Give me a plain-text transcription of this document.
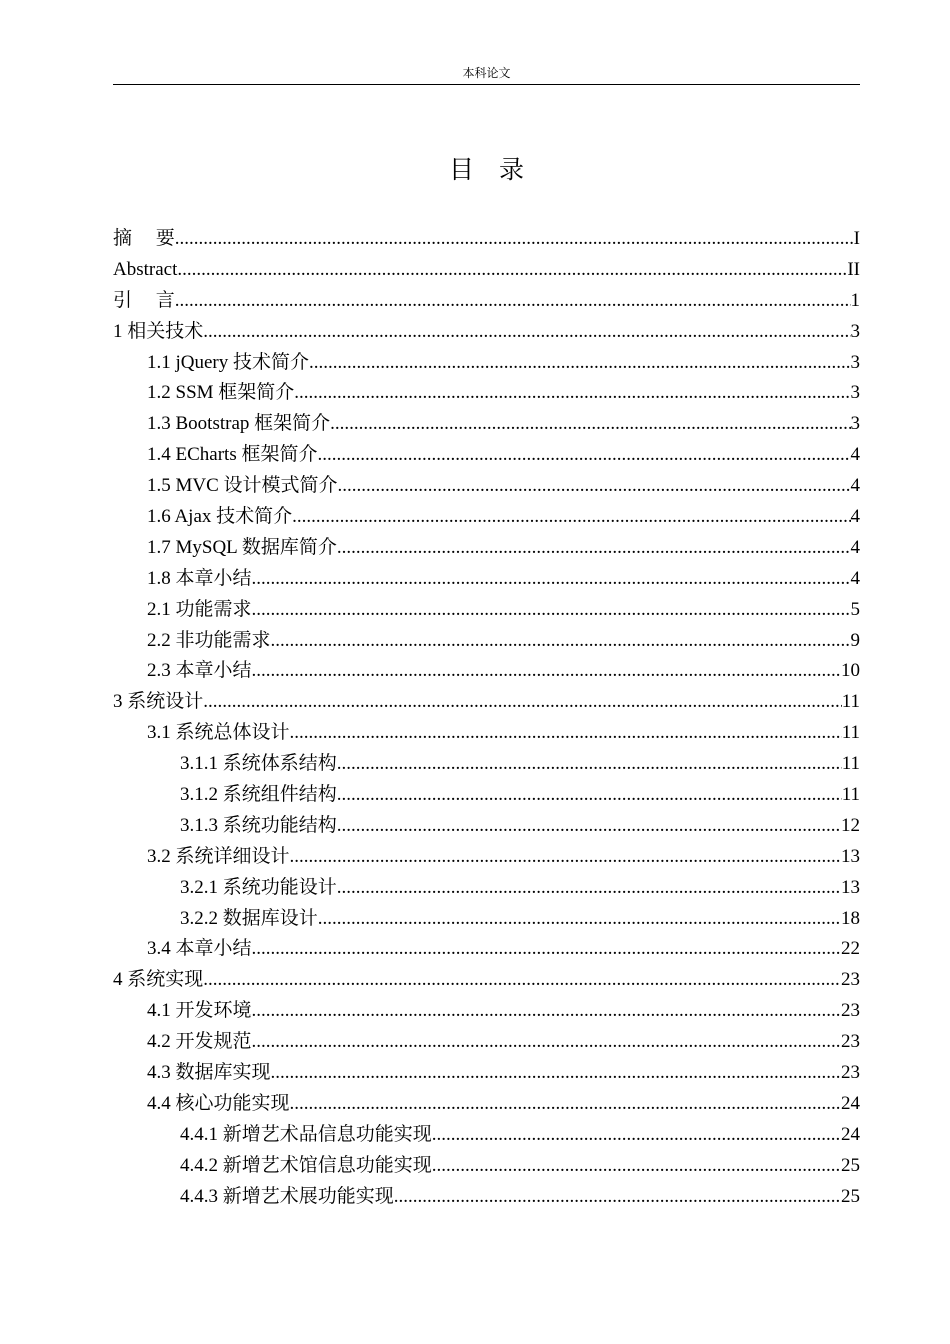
本科论文
目　录
摘　 要 .....	I
Abstract .....	II
引　 言 .....	1
1 相关技术 .....	3
1.1 jQuery 技术简介 .....	3
1.2 SSM 框架简介 .....	3
1.3 Bootstrap 框架简介 .....	3
1.4 ECharts 框架简介 .....	4
1.5 MVC 设计模式简介 .....	4
1.6 Ajax 技术简介 .....	4
1.7 MySQL 数据库简介 .....	4
1.8 本章小结 .....	4
2.1 功能需求 .....	5
2.2 非功能需求 .....	9
2.3 本章小结 .....	10
3 系统设计 .....	11
3.1 系统总体设计 .....	11
3.1.1 系统体系结构 .....	11
3.1.2 系统组件结构 .....	11
3.1.3 系统功能结构 .....	12
3.2 系统详细设计 .....	13
3.2.1 系统功能设计 .....	13
3.2.2 数据库设计 .....	18
3.4 本章小结 .....	22
4 系统实现 .....	23
4.1 开发环境 .....	23
4.2 开发规范 .....	23
4.3 数据库实现 .....	23
4.4 核心功能实现 .....	24
4.4.1 新增艺术品信息功能实现 .....	24
4.4.2 新增艺术馆信息功能实现 .....	25
4.4.3 新增艺术展功能实现 .....	25
